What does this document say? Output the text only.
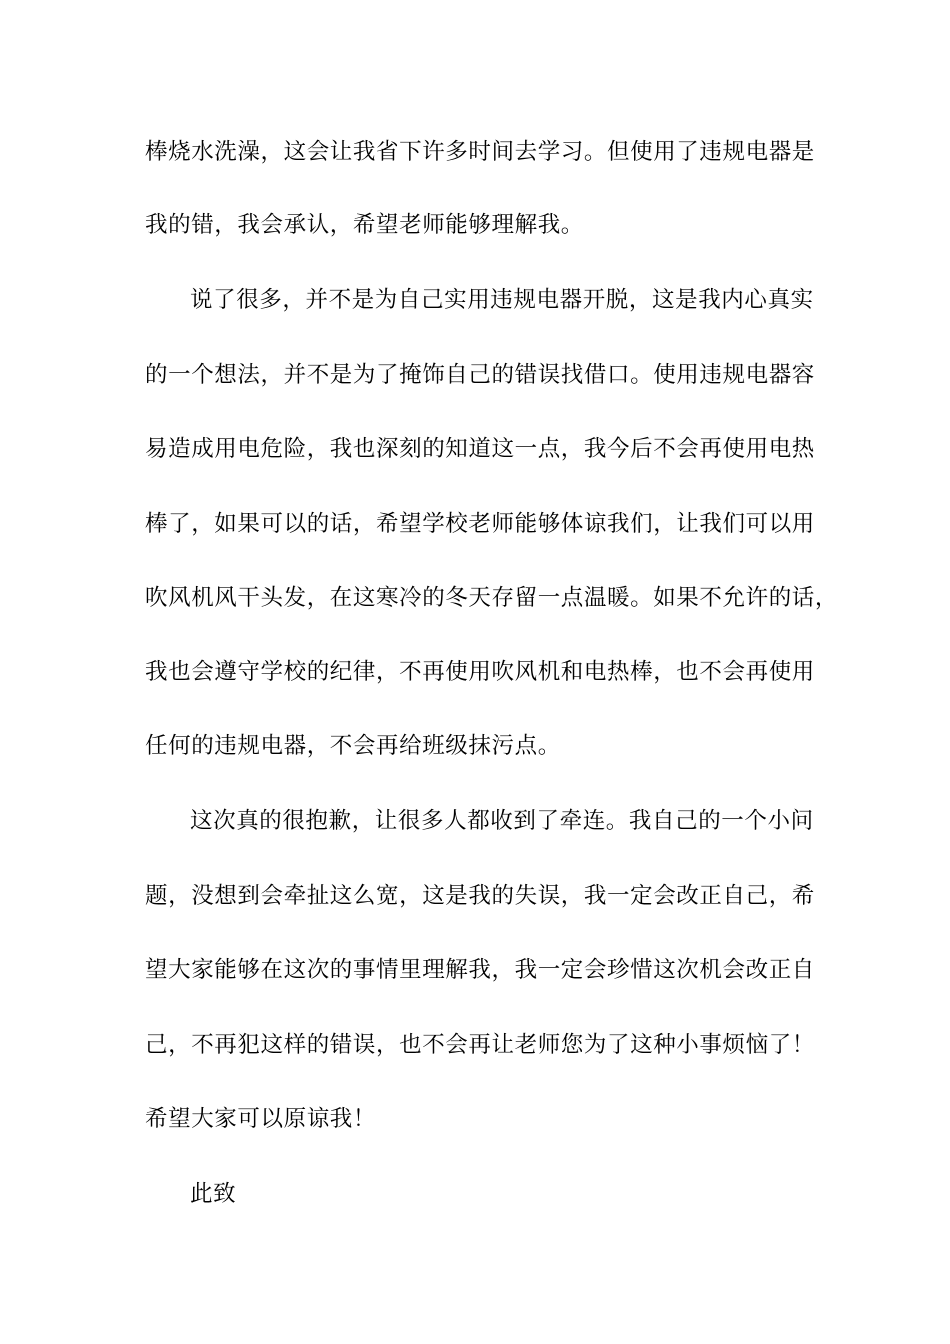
棒烧水洗澡，这会让我省下许多时间去学习。但使用了违规电器是
我的错，我会承认，希望老师能够理解我。
说了很多，并不是为自己实用违规电器开脱，这是我内心真实
的一个想法，并不是为了掩饰自己的错误找借口。使用违规电器容
易造成用电危险，我也深刻的知道这一点，我今后不会再使用电热
棒了，如果可以的话，希望学校老师能够体谅我们，让我们可以用
吹风机风干头发，在这寒冷的冬天存留一点温暖。如果不允许的话，
我也会遵守学校的纪律，不再使用吹风机和电热棒，也不会再使用
任何的违规电器，不会再给班级抹污点。
这次真的很抱歉，让很多人都收到了牵连。我自己的一个小问
题，没想到会牵扯这么宽，这是我的失误，我一定会改正自己，希
望大家能够在这次的事情里理解我，我一定会珍惜这次机会改正自
己，不再犯这样的错误，也不会再让老师您为了这种小事烦恼了！
希望大家可以原谅我！
此致
